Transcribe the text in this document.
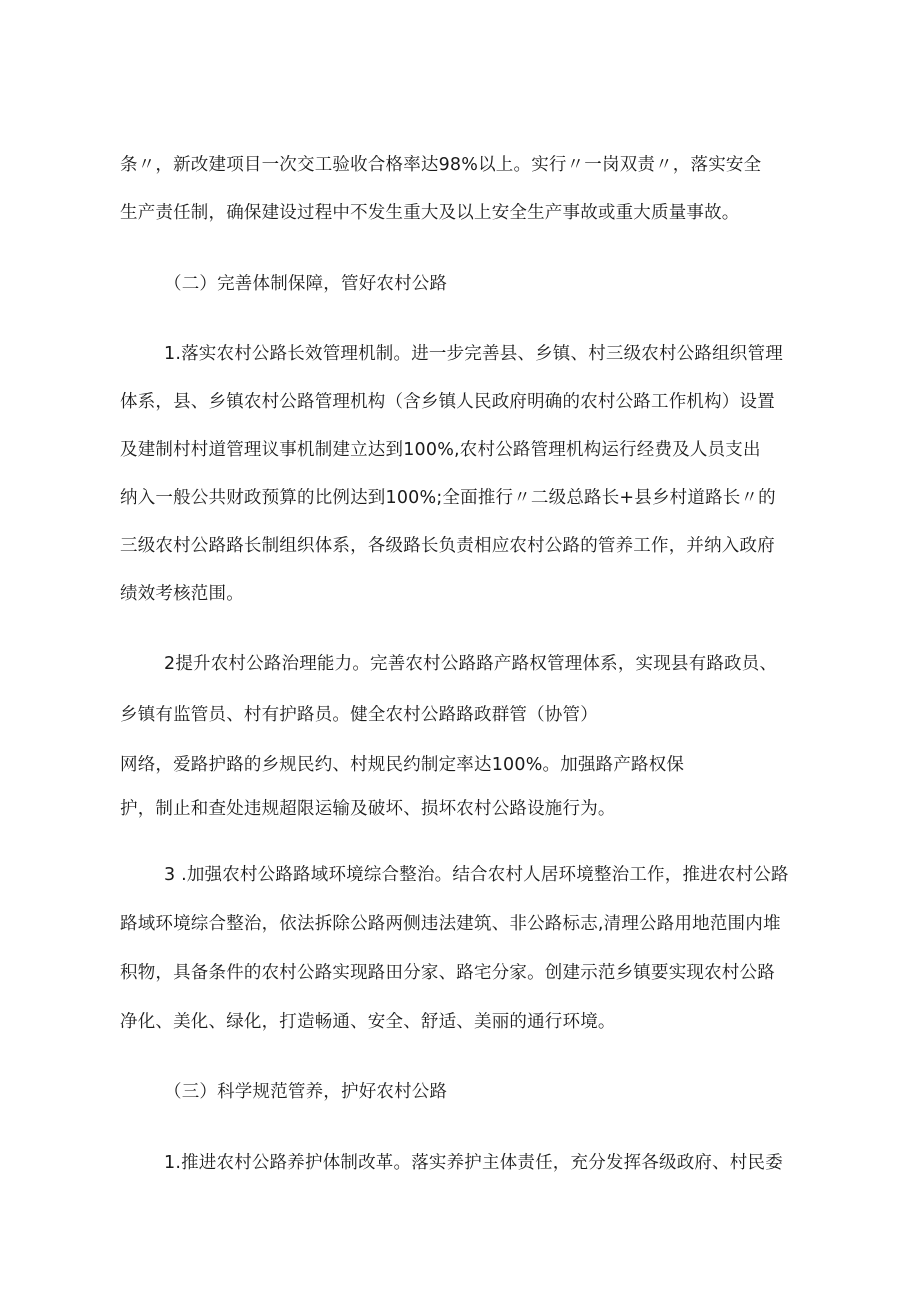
条〃，新改建项目一次交工验收合格率达98%以上。实行〃一岗双责〃，落实安全
生产责任制，确保建设过程中不发生重大及以上安全生产事故或重大质量事故。
（二）完善体制保障，管好农村公路
1.落实农村公路长效管理机制。进一步完善县、乡镇、村三级农村公路组织管理
体系，县、乡镇农村公路管理机构（含乡镇人民政府明确的农村公路工作机构）设置
及建制村村道管理议事机制建立达到100%,农村公路管理机构运行经费及人员支出
纳入一般公共财政预算的比例达到100%;全面推行〃二级总路长+县乡村道路长〃的
三级农村公路路长制组织体系，各级路长负责相应农村公路的管养工作，并纳入政府
绩效考核范围。
2提升农村公路治理能力。完善农村公路路产路权管理体系，实现县有路政员、
乡镇有监管员、村有护路员。健全农村公路路政群管（协管）
网络，爱路护路的乡规民约、村规民约制定率达100%。加强路产路权保
护，制止和查处违规超限运输及破坏、损坏农村公路设施行为。
3 .加强农村公路路域环境综合整治。结合农村人居环境整治工作，推进农村公路
路域环境综合整治，依法拆除公路两侧违法建筑、非公路标志,清理公路用地范围内堆
积物，具备条件的农村公路实现路田分家、路宅分家。创建示范乡镇要实现农村公路
净化、美化、绿化，打造畅通、安全、舒适、美丽的通行环境。
（三）科学规范管养，护好农村公路
1.推进农村公路养护体制改革。落实养护主体责任，充分发挥各级政府、村民委
